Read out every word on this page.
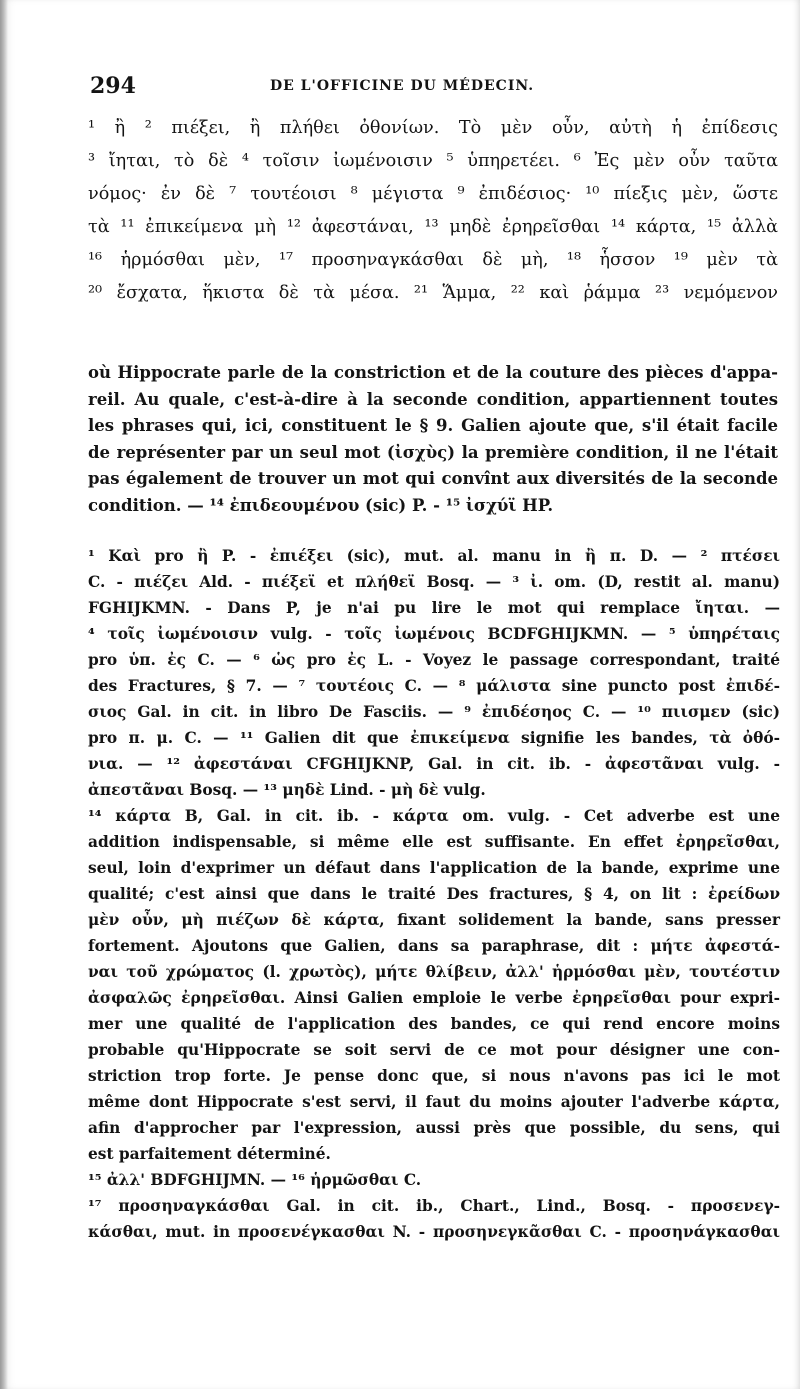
294	DE L'OFFICINE DU MÉDECIN.
¹ ἢ ² πιέξει, ἢ πλήθει ὀθονίων. Τὸ μὲν οὖν, αὐτὴ ἡ ἐπίδεσις
³ ἴηται, τὸ δὲ ⁴ τοῖσιν ἰωμένοισιν ⁵ ὑπηρετέει. ⁶ Ἐς μὲν οὖν ταῦτα
νόμος· ἐν δὲ ⁷ τουτέοισι ⁸ μέγιστα ⁹ ἐπιδέσιος· ¹⁰ πίεξις μὲν, ὥστε
τὰ ¹¹ ἐπικείμενα μὴ ¹² ἀφεστάναι, ¹³ μηδὲ ἐρηρεῖσθαι ¹⁴ κάρτα, ¹⁵ ἀλλὰ
¹⁶ ἡρμόσθαι μὲν, ¹⁷ προσηναγκάσθαι δὲ μὴ, ¹⁸ ἧσσον ¹⁹ μὲν τὰ
²⁰ ἔσχατα, ἥκιστα δὲ τὰ μέσα. ²¹ Ἅμμα, ²² καὶ ῥάμμα ²³ νεμόμενον
où Hippocrate parle de la constriction et de la couture des pièces d'appa-
reil. Au quale, c'est-à-dire à la seconde condition, appartiennent toutes
les phrases qui, ici, constituent le § 9. Galien ajoute que, s'il était facile
de représenter par un seul mot (ἰσχὺς) la première condition, il ne l'était
pas également de trouver un mot qui convînt aux diversités de la seconde
condition. — ¹⁴ ἐπιδεουμένου (sic) P. - ¹⁵ ἰσχύϊ HP.
¹ Καὶ pro ἢ P. - ἐπιέξει (sic), mut. al. manu in ἢ π. D. — ² πτέσει
C. - πιέζει Ald. - πιέξεϊ et πλήθεϊ Bosq. — ³ ἰ. om. (D, restit al. manu)
FGHIJKMN. - Dans P, je n'ai pu lire le mot qui remplace ἴηται. —
⁴ τοῖς ἰωμένοισιν vulg. - τοῖς ἰωμένοις BCDFGHIJKMN. — ⁵ ὑπηρέταις
pro ὑπ. ἐς C. — ⁶ ὡς pro ἐς L. - Voyez le passage correspondant, traité
des Fractures, § 7. — ⁷ τουτέοις C. — ⁸ μάλιστα sine puncto post ἐπιδέ-
σιος Gal. in cit. in libro De Fasciis. — ⁹ ἐπιδέσηος C. — ¹⁰ πιισμεν (sic)
pro π. μ. C. — ¹¹ Galien dit que ἐπικείμενα signifie les bandes, τὰ ὀθό-
νια. — ¹² ἀφεστάναι CFGHIJKNP, Gal. in cit. ib. - ἀφεστᾶναι vulg. -
ἀπεστᾶναι Bosq. — ¹³ μηδὲ Lind. - μὴ δὲ vulg.
¹⁴ κάρτα B, Gal. in cit. ib. - κάρτα om. vulg. - Cet adverbe est une
addition indispensable, si même elle est suffisante. En effet ἐρηρεῖσθαι,
seul, loin d'exprimer un défaut dans l'application de la bande, exprime une
qualité; c'est ainsi que dans le traité Des fractures, § 4, on lit : ἐρείδων
μὲν οὖν, μὴ πιέζων δὲ κάρτα, fixant solidement la bande, sans presser
fortement. Ajoutons que Galien, dans sa paraphrase, dit : μήτε ἀφεστά-
ναι τοῦ χρώματος (l. χρωτὸς), μήτε θλίβειν, ἀλλ' ἡρμόσθαι μὲν, τουτέστιν
ἀσφαλῶς ἐρηρεῖσθαι. Ainsi Galien emploie le verbe ἐρηρεῖσθαι pour expri-
mer une qualité de l'application des bandes, ce qui rend encore moins
probable qu'Hippocrate se soit servi de ce mot pour désigner une con-
striction trop forte. Je pense donc que, si nous n'avons pas ici le mot
même dont Hippocrate s'est servi, il faut du moins ajouter l'adverbe κάρτα,
afin d'approcher par l'expression, aussi près que possible, du sens, qui
est parfaitement déterminé.
¹⁵ ἀλλ' BDFGHIJMN. — ¹⁶ ἡρμῶσθαι C.
¹⁷ προσηναγκάσθαι Gal. in cit. ib., Chart., Lind., Bosq. - προσενεγ-
κάσθαι, mut. in προσενέγκασθαι N. - προσηνεγκᾶσθαι C. - προσηνάγκασθαι
